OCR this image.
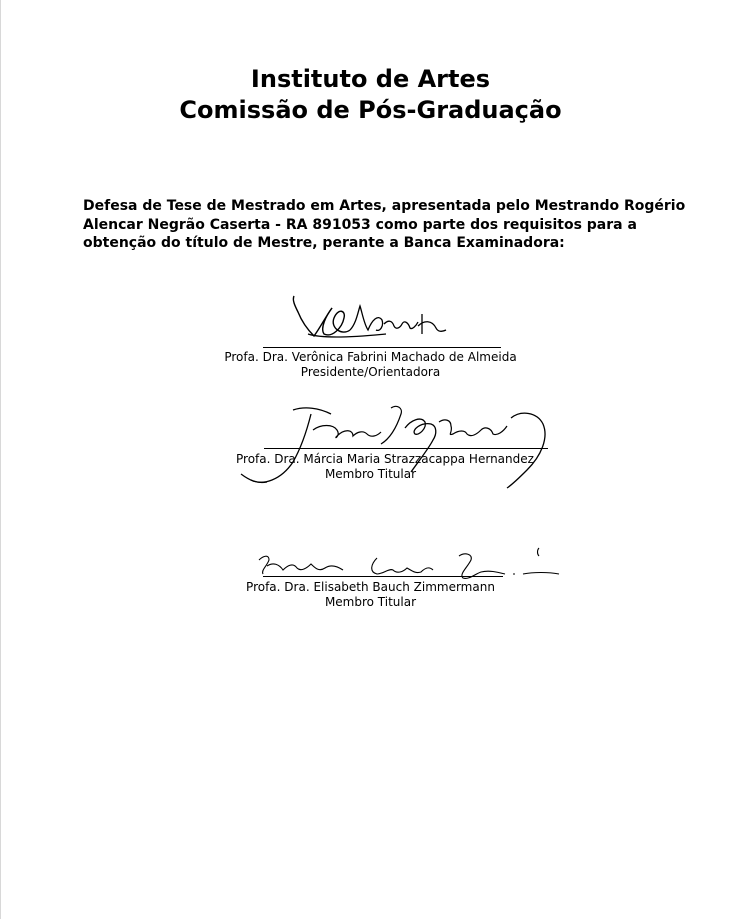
Instituto de Artes
Comissão de Pós-Graduação
Defesa de Tese de Mestrado em Artes, apresentada pelo Mestrando Rogério Alencar Negrão Caserta - RA 891053 como parte dos requisitos para a obtenção do título de Mestre, perante a Banca Examinadora:
Profa. Dra. Verônica Fabrini Machado de Almeida
Presidente/Orientadora
Profa. Dra. Márcia Maria Strazzacappa Hernandez
Membro Titular
Profa. Dra. Elisabeth Bauch Zimmermann
Membro Titular
